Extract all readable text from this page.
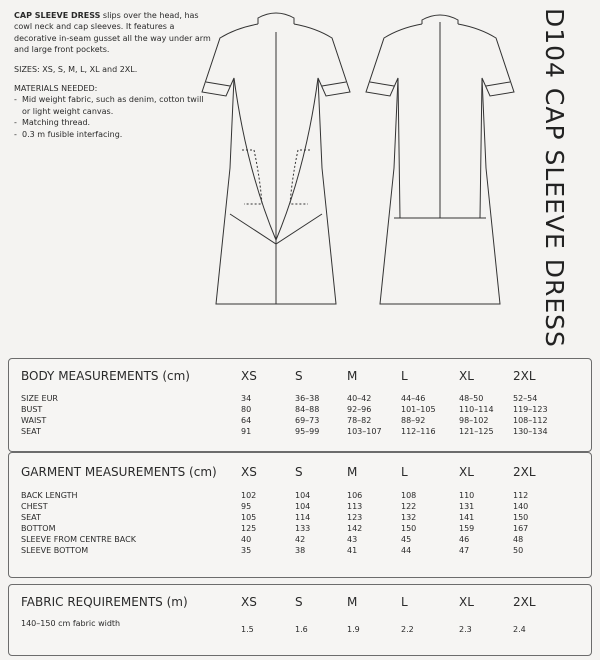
CAP SLEEVE DRESS slips over the head, has cowl neck and cap sleeves. It features a decorative in-seam gusset all the way under arm and large front pockets.

SIZES: XS, S, M, L, XL and 2XL.

MATERIALS NEEDED:
- Mid weight fabric, such as denim, cotton twill or light weight canvas.
- Matching thread.
- 0.3 m fusible interfacing.	D104 CAP SLEEVE DRESS
BODY MEASUREMENTS (cm)	XS	S	M	L	XL	2XL
SIZE EUR	34	36–38	40–42	44–46	48–50	52–54
BUST	80	84–88	92–96	101–105	110–114 119–123
WAIST	64	69–73	78–82	88–92	98–102	108–112
SEAT	91	95–99	103–107 112–116	121–125 130–134
GARMENT MEASUREMENTS (cm) XS	S	M	L	XL	2XL
BACK LENGTH	102	104	106	108	110	112
CHEST	95	104	113	122	131	140
SEAT	105	114	123	132	141	150
BOTTOM	125	133	142	150	159	167
SLEEVE FROM CENTRE BACK	40	42	43	45	46	48
SLEEVE BOTTOM	35	38	41	44	47	50
FABRIC REQUIREMENTS (m)	XS	S	M	L	XL	2XL
140–150 cm fabric width
1.5	1.6	1.9	2.2	2.3	2.4
